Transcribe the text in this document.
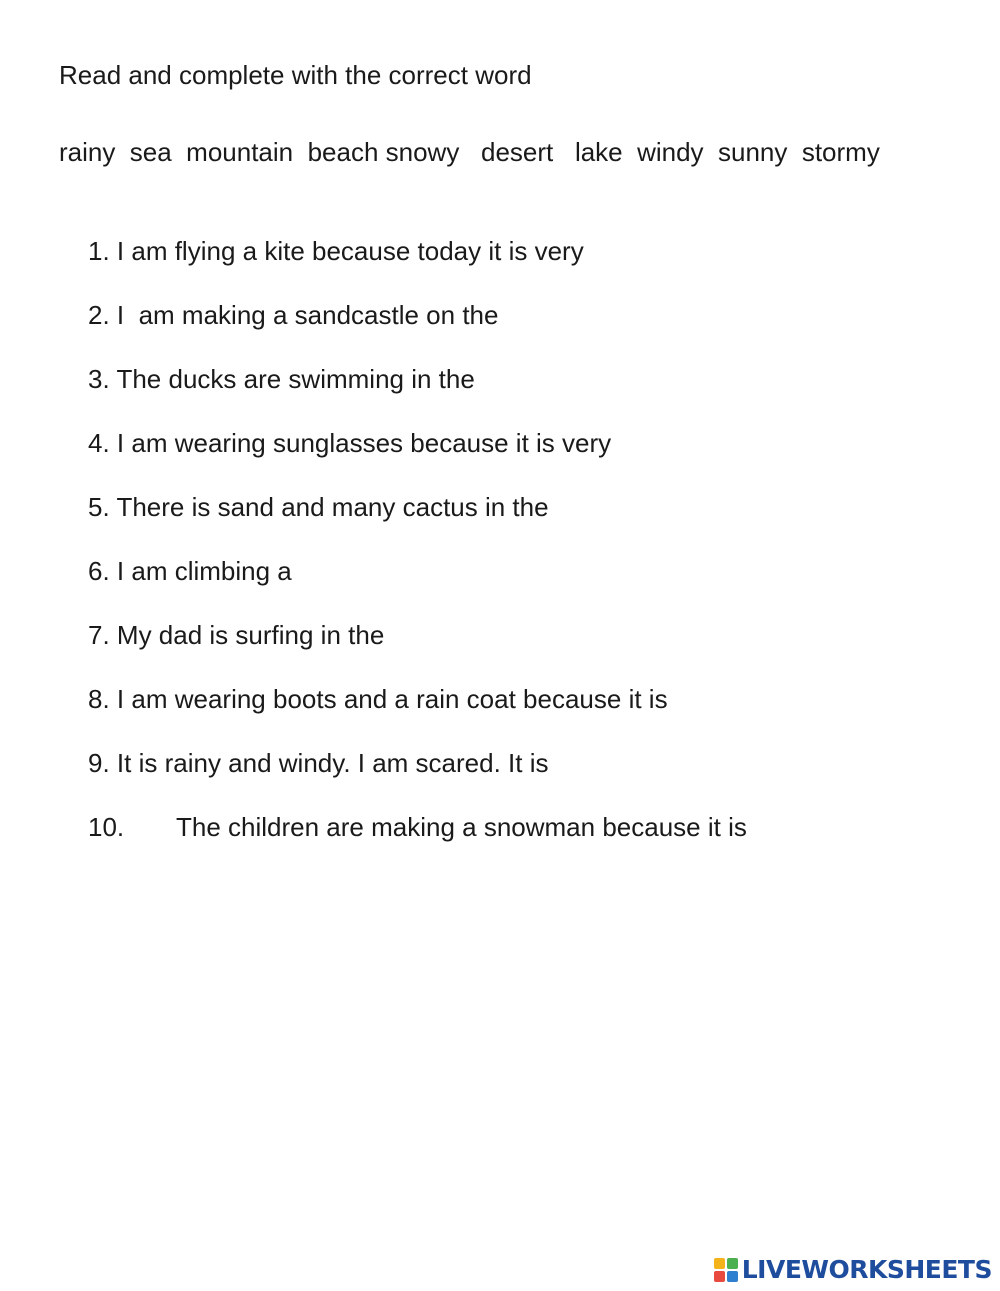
Read and complete with the correct word
rainy  sea  mountain  beach snowy   desert   lake  windy  sunny  stormy
1. I am flying a kite because today it is very
2. I  am making a sandcastle on the
3. The ducks are swimming in the
4. I am wearing sunglasses because it is very
5. There is sand and many cactus in the
6. I am climbing a
7. My dad is surfing in the
8. I am wearing boots and a rain coat because it is
9. It is rainy and windy. I am scared. It is
10. The children are making a snowman because it is
LIVEWORKSHEETS
